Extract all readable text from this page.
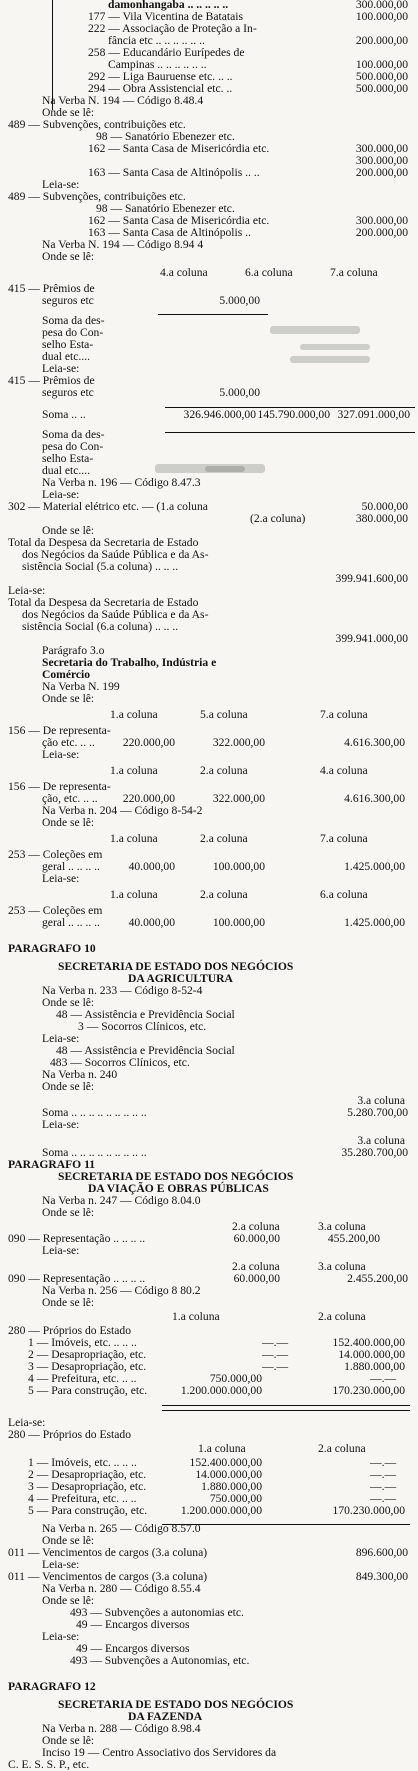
damonhangaba .. .. .. .. ..	300.000,00
177 — Vila Vicentina de Batatais	100.000,00
222 — Associação de Proteção a In-
fância etc .. .. .. .. .. ..	200.000,00
258 — Educandário Eurípedes de
Campinas .. .. .. .. .. ..	100.000,00
292 — Liga Bauruense etc. .. ..	500.000,00
294 — Obra Assistencial etc. ..	500.000,00
Na Verba N. 194 — Código 8.48.4
Onde se lê:
489 — Subvenções, contribuições etc.
98 — Sanatório Ebenezer etc.
162 — Santa Casa de Misericórdia etc.	300.000,00
300.000,00
163 — Santa Casa de Altinópolis .. ..	200.000,00
Leia-se:
489 — Subvenções, contribuições etc.
98 — Sanatório Ebenezer etc.
162 — Santa Casa de Misericórdia etc.	300.000,00
163 — Santa Casa de Altinópolis ..	200.000,00
Na Verba N. 194 — Código 8.94 4
Onde se lê:
4.a coluna	6.a coluna	7.a coluna
415 — Prêmios de
seguros etc	5.000,00
Soma da des-
pesa do Con-
selho Esta-
dual etc....
Leia-se:
415 — Prêmios de
seguros etc	5.000,00
Soma .. ..	326.946.000,00 145.790.000,00 327.091.000,00
Soma da des-
pesa do Con-
selho Esta-
dual etc....
Na Verba n. 196 — Código 8.47.3
Leia-se:
302 — Material elétrico etc. — (1.a coluna	50.000,00
(2.a coluna)	380.000,00
Onde se lê:
Total da Despesa da Secretaria de Estado
dos Negócios da Saúde Pública e da As-
sistência Social (5.a coluna) .. .. ..
399.941.600,00
Leia-se:
Total da Despesa da Secretaria de Estado
dos Negócios da Saúde Pública e da As-
sistência Social (6.a coluna) .. .. ..
399.941.000,00
Parágrafo 3.o
Secretaria do Trabalho, Indústria e
Comércio
Na Verba N. 199
Onde se lê:
1.a coluna	5.a coluna	7.a coluna
156 — De representa-
ção etc. .. .. 220.000,00	322.000,00	4.616.300,00
Leia-se:
1.a coluna	2.a coluna	4.a coluna
156 — De representa-
ção, etc. .. .. 220.000,00	322.000,00	4.616.300,00
Na Verba n. 204 — Código 8-54-2
Onde se lê:
1.a coluna	2.a coluna	7.a coluna
253 — Coleções em
geral .. .. .. .. 40.000,00	100.000,00	1.425.000,00
Leia-se:
1.a coluna	2.a coluna	6.a coluna
253 — Coleções em
geral .. .. .. .. 40.000,00	100.000,00	1.425.000,00
PARAGRAFO 10
SECRETARIA DE ESTADO DOS NEGÓCIOS
DA AGRICULTURA
Na Verba n. 233 — Código 8-52-4
Onde se lê:
48 — Assistência e Previdência Social
3 — Socorros Clínicos, etc.
Leia-se:
48 — Assistência e Previdência Social
483 — Socorros Clínicos, etc.
Na Verba n. 240
Onde se lê:
3.a coluna
Soma .. .. .. .. .. .. .. .. ..	5.280.700,00
Leia-se:
3.a coluna
Soma .. .. .. .. .. .. .. .. ..	35.280.700,00
PARAGRAFO 11
SECRETARIA DE ESTADO DOS NEGÓCIOS
DA VIAÇÃO E OBRAS PÚBLICAS
Na Verba n. 247 — Código 8.04.0
Onde se lê:
2.a coluna	3.a coluna
090 — Representação .. .. .. ..	60.000,00	455.200,00
Leia-se:
2.a coluna	3.a coluna
090 — Representação .. .. .. ..	60.000,00	2.455.200,00
Na Verba n. 256 — Código 8 80.2
Onde se lê:
1.a coluna	2.a coluna
280 — Próprios do Estado
1 — Imóveis, etc. .. .. ..	—.—	152.400.000,00
2 — Desapropriação, etc.	—.—	14.000.000,00
3 — Desapropriação, etc.	—.—	1.880.000,00
4 — Prefeitura, etc. .. ..	750.000,00	—.—
5 — Para construção, etc.	1.200.000.000,00	170.230.000,00
Leia-se:
280 — Próprios do Estado
1.a coluna	2.a coluna
1 — Imóveis, etc. .. .. ..	152.400.000,00	—.—
2 — Desapropriação, etc.	14.000.000,00	—.—
3 — Desapropriação, etc.	1.880.000,00	—.—
4 — Prefeitura, etc. .. ..	750.000,00	—.—
5 — Para construção, etc.	1.200.000.000,00	170.230.000,00
Na Verba n. 265 — Código 8.57.0
Onde se lê:
011 — Vencimentos de cargos (3.a coluna)	896.600,00
Leia-se:
011 — Vencimentos de cargos (3.a coluna)	849.300,00
Na Verba n. 280 — Código 8.55.4
Onde se lê:
493 — Subvenções a autonomias etc.
49 — Encargos diversos
Leia-se:
49 — Encargos diversos
493 — Subvenções a Autonomias, etc.
PARAGRAFO 12
SECRETARIA DE ESTADO DOS NEGÓCIOS
DA FAZENDA
Na Verba n. 288 — Código 8.98.4
Onde se lê:
Inciso 19 — Centro Associativo dos Servidores da
C. E. S. S. P., etc.
